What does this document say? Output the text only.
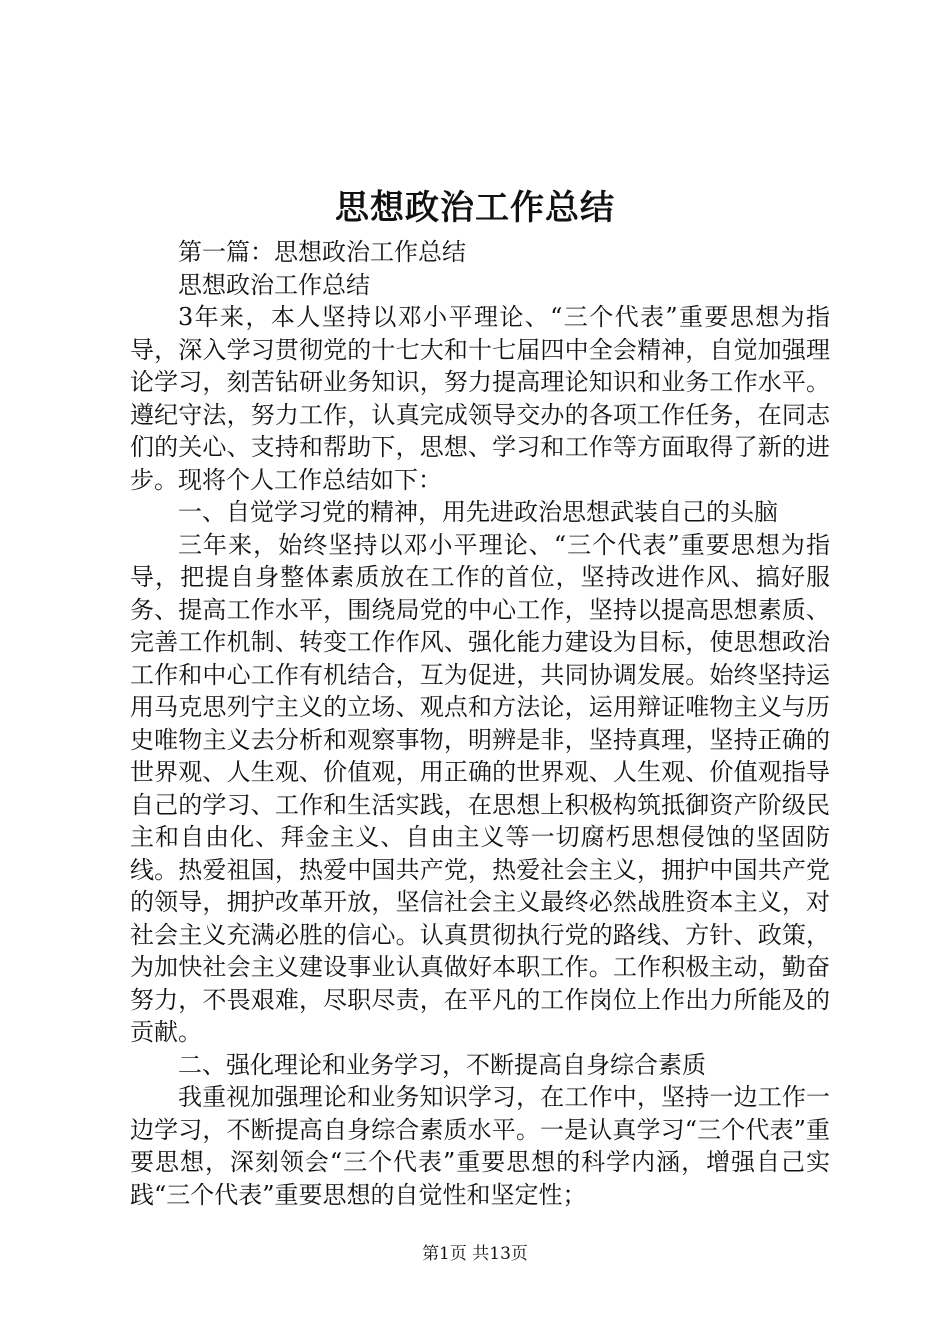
思想政治工作总结

第一篇：思想政治工作总结

思想政治工作总结

3年来，本人坚持以邓小平理论、“三个代表”重要思想为指导，深入学习贯彻党的十七大和十七届四中全会精神，自觉加强理论学习，刻苦钻研业务知识，努力提高理论知识和业务工作水平。遵纪守法，努力工作，认真完成领导交办的各项工作任务，在同志们的关心、支持和帮助下，思想、学习和工作等方面取得了新的进步。现将个人工作总结如下：

一、自觉学习党的精神，用先进政治思想武装自己的头脑

三年来，始终坚持以邓小平理论、“三个代表”重要思想为指导，把提自身整体素质放在工作的首位，坚持改进作风、搞好服务、提高工作水平，围绕局党的中心工作，坚持以提高思想素质、完善工作机制、转变工作作风、强化能力建设为目标，使思想政治工作和中心工作有机结合，互为促进，共同协调发展。始终坚持运用马克思列宁主义的立场、观点和方法论，运用辩证唯物主义与历史唯物主义去分析和观察事物，明辨是非，坚持真理，坚持正确的世界观、人生观、价值观，用正确的世界观、人生观、价值观指导自己的学习、工作和生活实践，在思想上积极构筑抵御资产阶级民主和自由化、拜金主义、自由主义等一切腐朽思想侵蚀的坚固防线。热爱祖国，热爱中国共产党，热爱社会主义，拥护中国共产党的领导，拥护改革开放，坚信社会主义最终必然战胜资本主义，对社会主义充满必胜的信心。认真贯彻执行党的路线、方针、政策，为加快社会主义建设事业认真做好本职工作。工作积极主动，勤奋努力，不畏艰难，尽职尽责，在平凡的工作岗位上作出力所能及的贡献。

二、强化理论和业务学习，不断提高自身综合素质

我重视加强理论和业务知识学习，在工作中，坚持一边工作一边学习，不断提高自身综合素质水平。一是认真学习“三个代表”重要思想，深刻领会“三个代表”重要思想的科学内涵，增强自己实践“三个代表”重要思想的自觉性和坚定性；

第1页 共13页
